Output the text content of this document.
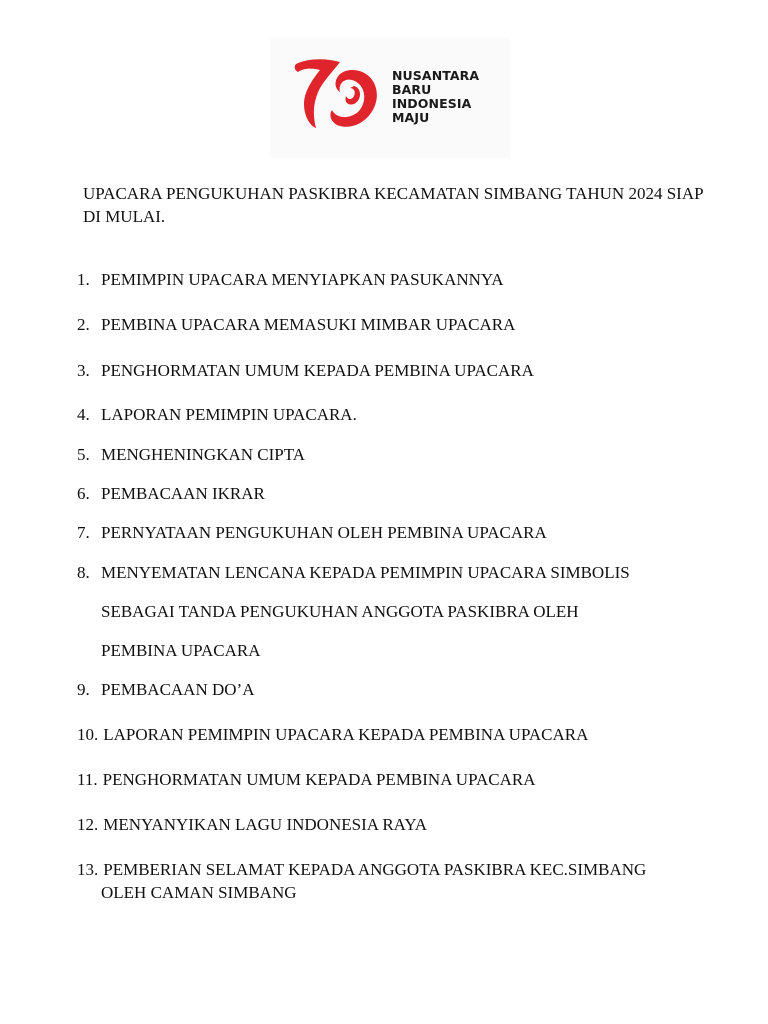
NUSANTARA
BARU
INDONESIA
MAJU
UPACARA PENGUKUHAN PASKIBRA KECAMATAN SIMBANG TAHUN 2024 SIAP DI MULAI.
1. PEMIMPIN UPACARA MENYIAPKAN PASUKANNYA
2. PEMBINA UPACARA MEMASUKI MIMBAR UPACARA
3. PENGHORMATAN UMUM KEPADA PEMBINA UPACARA
4. LAPORAN PEMIMPIN UPACARA.
5. MENGHENINGKAN CIPTA
6. PEMBACAAN IKRAR
7. PERNYATAAN PENGUKUHAN OLEH PEMBINA UPACARA
8. MENYEMATAN LENCANA KEPADA PEMIMPIN UPACARA SIMBOLIS
SEBAGAI TANDA PENGUKUHAN ANGGOTA PASKIBRA OLEH
PEMBINA UPACARA
9. PEMBACAAN DO’A
10. LAPORAN PEMIMPIN UPACARA KEPADA PEMBINA UPACARA
11. PENGHORMATAN UMUM KEPADA PEMBINA UPACARA
12. MENYANYIKAN LAGU INDONESIA RAYA
13. PEMBERIAN SELAMAT KEPADA ANGGOTA PASKIBRA KEC.SIMBANG
OLEH CAMAN SIMBANG
